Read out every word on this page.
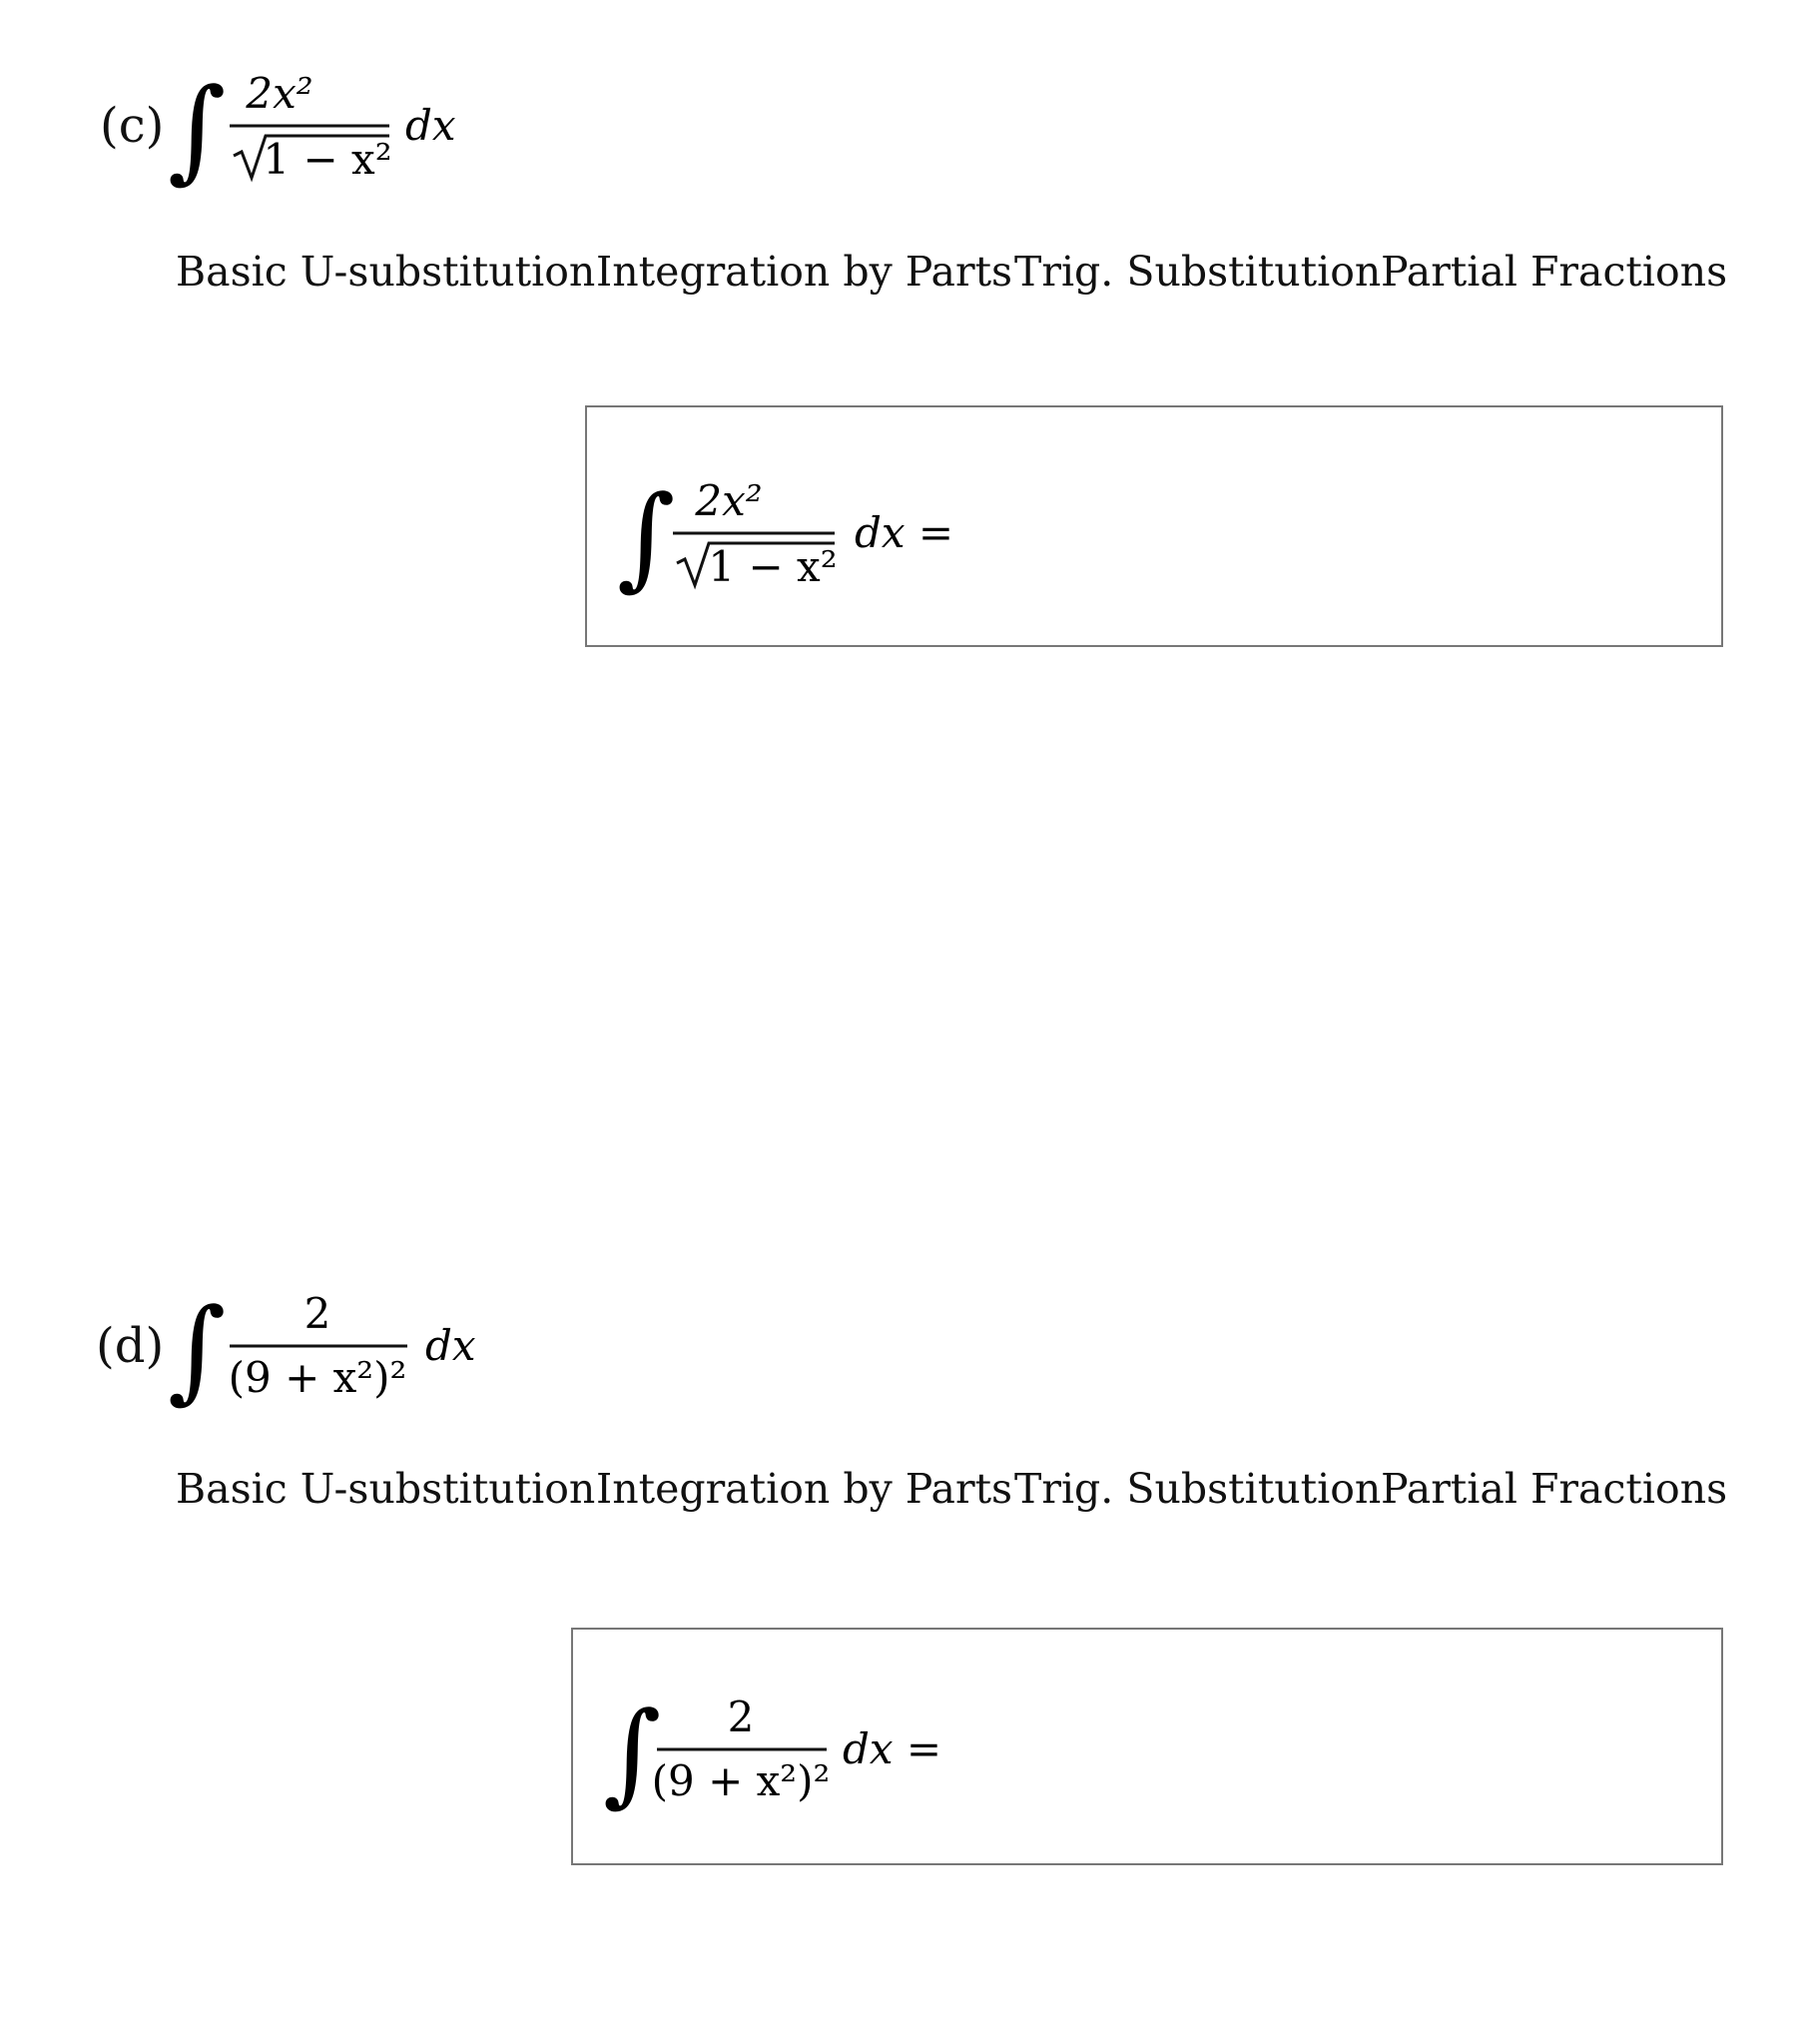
(c) ∫ 2x²
1 − x²
dx
Basic U-substitution Integration by Parts Trig. Substitution Partial Fractions
∫ 2x²
1 − x²
dx =
(d) ∫ 2
(9 + x²)²
dx
Basic U-substitution Integration by Parts Trig. Substitution Partial Fractions
∫ 2
(9 + x²)²
dx =
